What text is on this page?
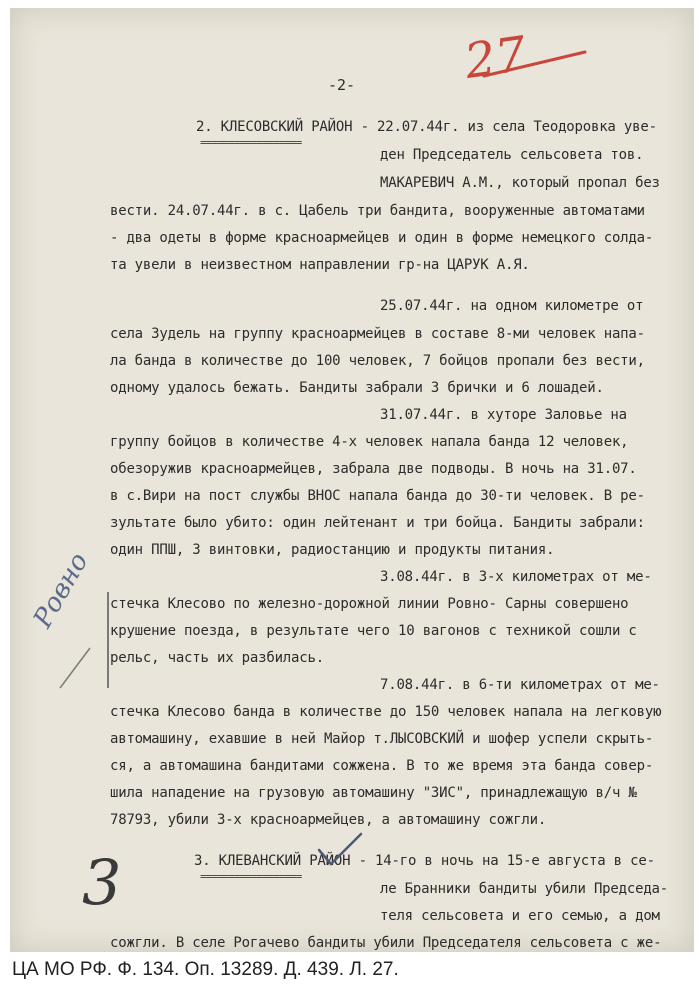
27
-2-
2. КЛЕСОВСКИЙ РАЙОН - 22.07.44г. из села Теодоровка уве-
==================
ден Председатель сельсовета тов.
МАКАРЕВИЧ А.М., который пропал без
вести. 24.07.44г. в с. Цабель три бандита, вооруженные автоматами
- два одеты в форме красноармейцев и один в форме немецкого солда-
та увели в неизвестном направлении гр-на ЦАРУК А.Я.
25.07.44г. на одном километре от
села Зудель на группу красноармейцев в составе 8-ми человек напа-
ла банда в количестве до 100 человек, 7 бойцов пропали без вести,
одному удалось бежать. Бандиты забрали 3 брички и 6 лошадей.
31.07.44г. в хуторе Заловье на
группу бойцов в количестве 4-х человек напала банда 12 человек,
обезоружив красноармейцев, забрала две подводы. В ночь на 31.07.
в с.Вири на пост службы ВНОС напала банда до 30-ти человек. В ре-
зультате было убито: один лейтенант и три бойца. Бандиты забрали:
один ППШ, 3 винтовки, радиостанцию и продукты питания.
3.08.44г. в 3-х километрах от ме-
стечка Клесово по железно-дорожной линии Ровно- Сарны совершено
крушение поезда, в результате чего 10 вагонов с техникой сошли с
рельс, часть их разбилась.
7.08.44г. в 6-ти километрах от ме-
стечка Клесово банда в количестве до 150 человек напала на легковую
автомашину, ехавшие в ней Майор т.ЛЫСОВСКИЙ и шофер успели скрыть-
ся, а автомашина бандитами сожжена. В то же время эта банда совер-
шила нападение на грузовую автомашину "ЗИС", принадлежащую в/ч №
78793, убили 3-х красноармейцев, а автомашину сожгли.
3. КЛЕВАНСКИЙ РАЙОН - 14-го в ночь на 15-е августа в се-
==================
ле Бранники бандиты убили Председа-
теля сельсовета и его семью, а дом
сожгли. В селе Рогачево бандиты убили Председателя сельсовета с же-
Ровно
3
ЦА МО РФ. Ф. 134. Оп. 13289. Д. 439. Л. 27.
